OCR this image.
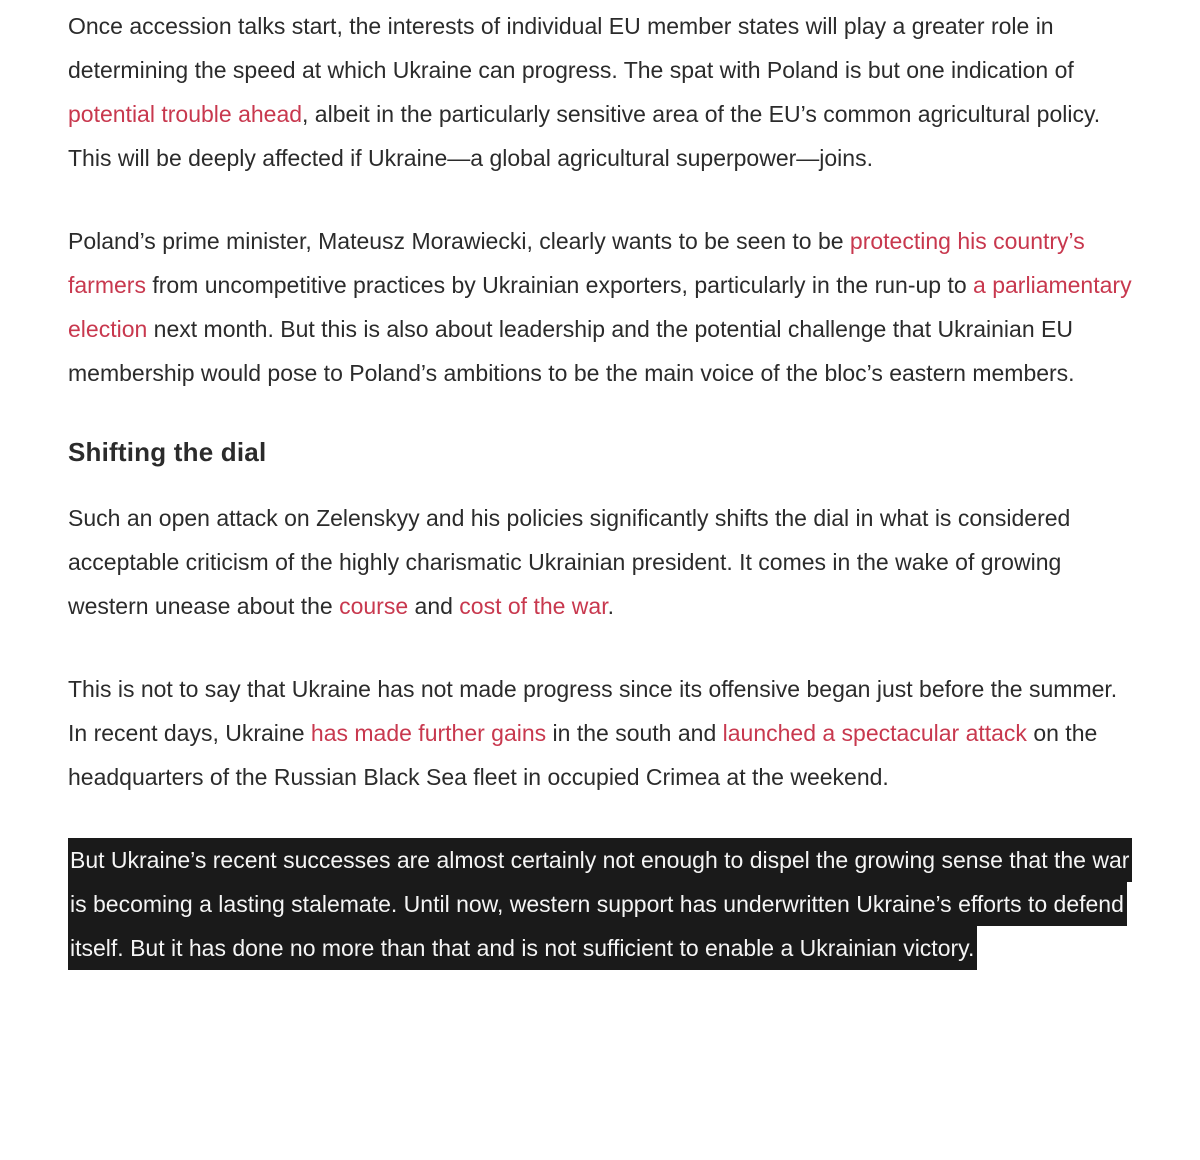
Once accession talks start, the interests of individual EU member states will play a greater role in determining the speed at which Ukraine can progress. The spat with Poland is but one indication of potential trouble ahead, albeit in the particularly sensitive area of the EU’s common agricultural policy. This will be deeply affected if Ukraine—a global agricultural superpower—joins.

Poland’s prime minister, Mateusz Morawiecki, clearly wants to be seen to be protecting his country’s farmers from uncompetitive practices by Ukrainian exporters, particularly in the run-up to a parliamentary election next month. But this is also about leadership and the potential challenge that Ukrainian EU membership would pose to Poland’s ambitions to be the main voice of the bloc’s eastern members.

Shifting the dial

Such an open attack on Zelenskyy and his policies significantly shifts the dial in what is considered acceptable criticism of the highly charismatic Ukrainian president. It comes in the wake of growing western unease about the course and cost of the war.

This is not to say that Ukraine has not made progress since its offensive began just before the summer. In recent days, Ukraine has made further gains in the south and launched a spectacular attack on the headquarters of the Russian Black Sea fleet in occupied Crimea at the weekend.

But Ukraine’s recent successes are almost certainly not enough to dispel the growing sense that the war is becoming a lasting stalemate. Until now, western support has underwritten Ukraine’s efforts to defend itself. But it has done no more than that and is not sufficient to enable a Ukrainian victory.
